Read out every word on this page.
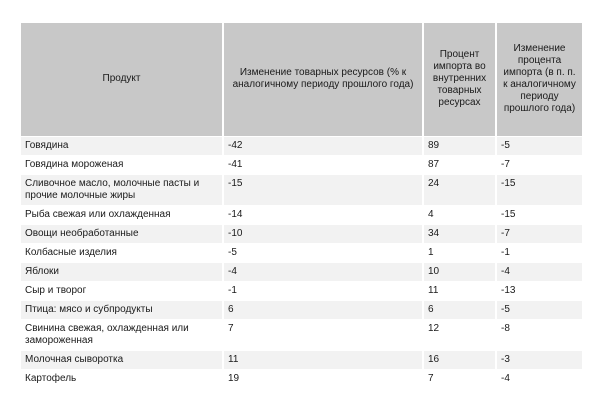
Продукт	Изменение товарных ресурсов (% к аналогичному периоду прошлого года)	Процент импорта во внутренних товарных ресурсах	Изменение процента импорта (в п. п. к аналогичному периоду прошлого года)
Говядина	-42	89	-5
Говядина мороженая	-41	87	-7
Сливочное масло, молочные пасты и прочие молочные жиры	-15	24	-15
Рыба свежая или охлажденная	-14	4	-15
Овощи необработанные	-10	34	-7
Колбасные изделия	-5	1	-1
Яблоки	-4	10	-4
Сыр и творог	-1	11	-13
Птица: мясо и субпродукты	6	6	-5
Свинина свежая, охлажденная или замороженная	7	12	-8
Молочная сыворотка	11	16	-3
Картофель	19	7	-4
